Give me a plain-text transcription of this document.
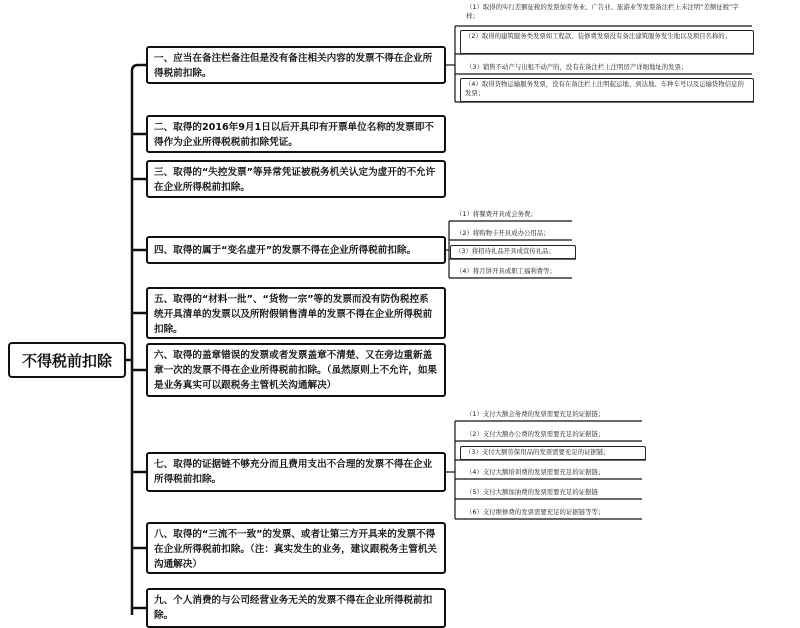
不得税前扣除
一、应当在备注栏备注但是没有备注相关内容的发票不得在企业所得税前扣除。
二、取得的2016年9月1日以后开具印有开票单位名称的发票即不得作为企业所得税税前扣除凭证。
三、取得的“失控发票”等异常凭证被税务机关认定为虚开的不允许在企业所得税前扣除。
四、取得的属于“变名虚开”的发票不得在企业所得税前扣除。
五、取得的“材料一批”、“货物一宗”等的发票而没有防伪税控系统开具清单的发票以及所附假销售清单的发票不得在企业所得税前扣除。
六、取得的盖章错误的发票或者发票盖章不清楚、又在旁边重新盖章一次的发票不得在企业所得税前扣除。（虽然原则上不允许，如果是业务真实可以跟税务主管机关沟通解决）
七、取得的证据链不够充分而且费用支出不合理的发票不得在企业所得税前扣除。
八、取得的“三流不一致”的发票、或者让第三方开具来的发票不得在企业所得税前扣除。（注：真实发生的业务，建议跟税务主管机关沟通解决）
九、个人消费的与公司经营业务无关的发票不得在企业所得税前扣除。
（1）取得的实行差额征税的发票加劳务业、广告业、旅游业等发票备注栏上未注明“差额征税”字样；
（2）取得的建筑服务类发票如工程款、装修费发票没有备注建筑服务发生地以及项目名称的；
（3）销售不动产与出租不动产的，没有在备注栏上注明房产详细地址的发票；
（4）取得货物运输服务发票，没有在备注栏上注明起运地、到达地、车种车号以及运输货物信息的发票；
（1）将餐费开具成会务费；
（2）将购物卡开具成办公用品；
（3）将招待礼品开具成宣传礼品；
（4）将月饼开具成职工福利费等；
（1）支付大额会务费的发票需要充足的证据链；
（2）支付大额办公费的发票需要充足的证据链；
（3）支付大额劳保用品的发票需要充足的证据链；
（4）支付大额培训费的发票需要充足的证据链；
（5）支付大额加油费的发票需要充足的证据链
（6）支付维修费的发票需要充足的证据链等等；
